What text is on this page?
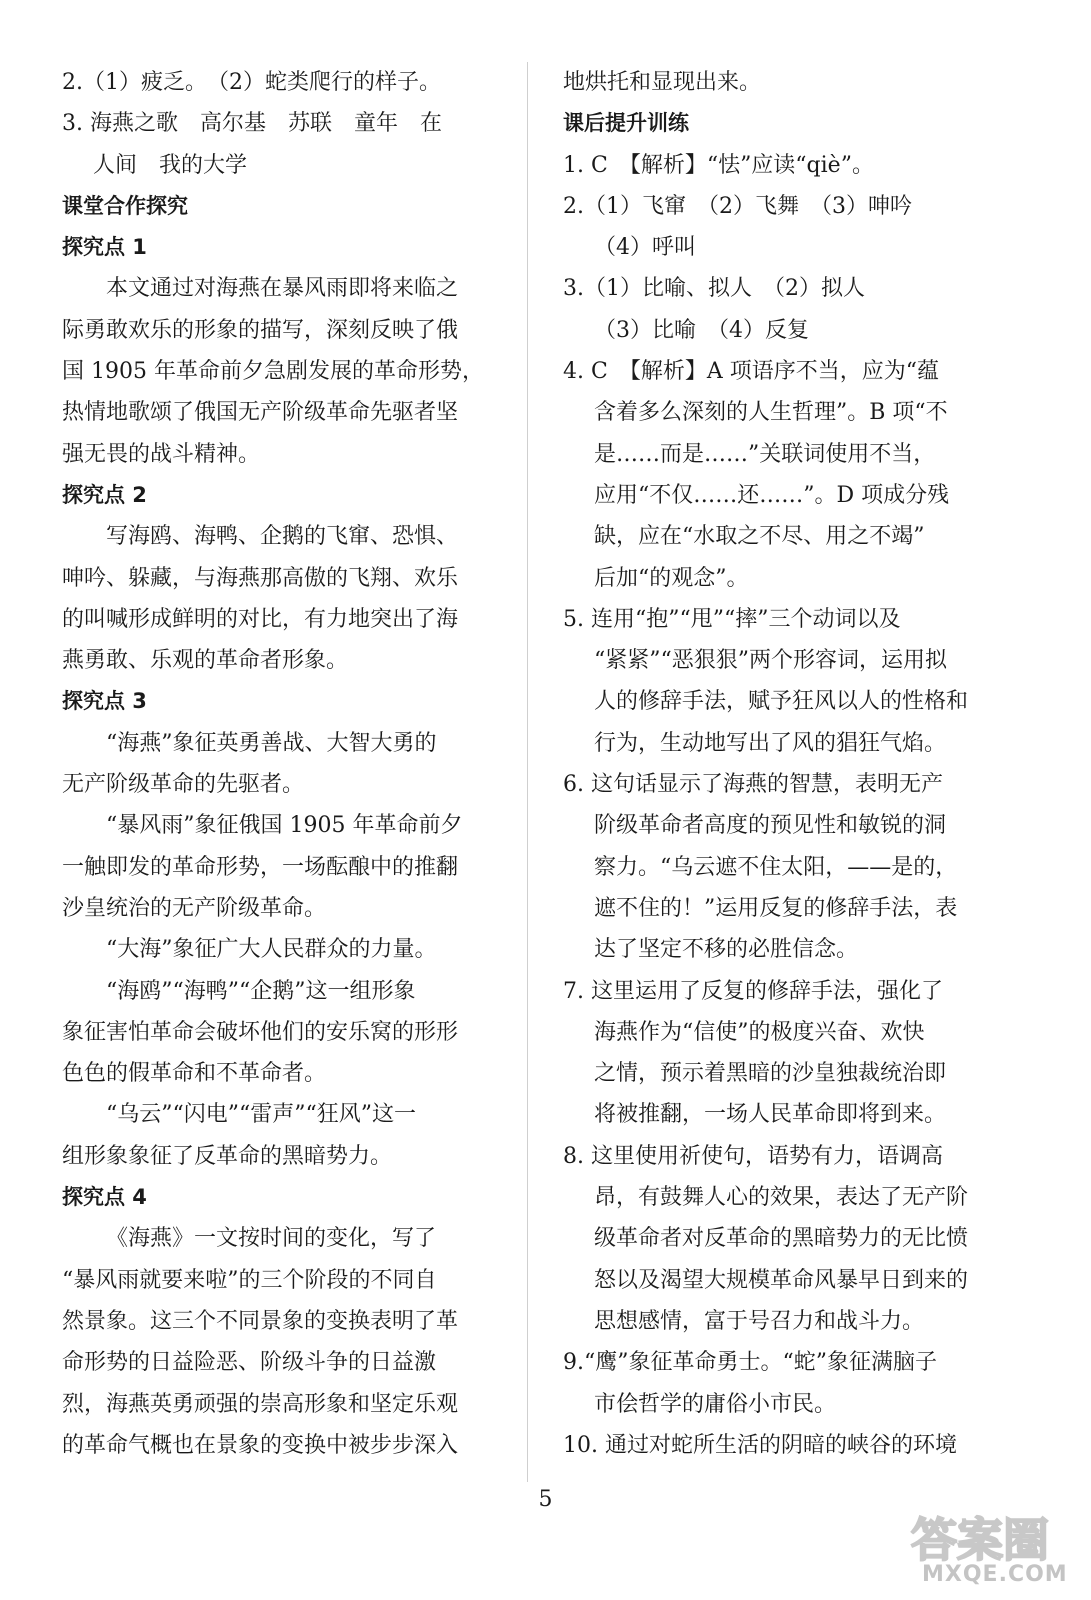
2.（1）疲乏。　（2）蛇类爬行的样子。
3. 海燕之歌　高尔基　苏联　童年　在
人间　我的大学
课堂合作探究
探究点 1
本文通过对海燕在暴风雨即将来临之
际勇敢欢乐的形象的描写，深刻反映了俄
国 1905 年革命前夕急剧发展的革命形势，
热情地歌颂了俄国无产阶级革命先驱者坚
强无畏的战斗精神。
探究点 2
写海鸥、海鸭、企鹅的飞窜、恐惧、
呻吟、躲藏，与海燕那高傲的飞翔、欢乐
的叫喊形成鲜明的对比，有力地突出了海
燕勇敢、乐观的革命者形象。
探究点 3
“海燕”象征英勇善战、大智大勇的
无产阶级革命的先驱者。
“暴风雨”象征俄国 1905 年革命前夕
一触即发的革命形势，一场酝酿中的推翻
沙皇统治的无产阶级革命。
“大海”象征广大人民群众的力量。
“海鸥”“海鸭”“企鹅”这一组形象
象征害怕革命会破坏他们的安乐窝的形形
色色的假革命和不革命者。
“乌云”“闪电”“雷声”“狂风”这一
组形象象征了反革命的黑暗势力。
探究点 4
《海燕》一文按时间的变化，写了
“暴风雨就要来啦”的三个阶段的不同自
然景象。这三个不同景象的变换表明了革
命形势的日益险恶、阶级斗争的日益激
烈，海燕英勇顽强的崇高形象和坚定乐观
的革命气概也在景象的变换中被步步深入
地烘托和显现出来。
课后提升训练
1. C　【解析】“怯”应读“qiè”。
2.（1）飞窜　（2）飞舞　（3）呻吟
（4）呼叫
3.（1）比喻、拟人　（2）拟人
（3）比喻　（4）反复
4. C　【解析】A 项语序不当，应为“蕴
含着多么深刻的人生哲理”。B 项“不
是……而是……”关联词使用不当，
应用“不仅……还……”。D 项成分残
缺，应在“水取之不尽、用之不竭”
后加“的观念”。
5. 连用“抱”“甩”“摔”三个动词以及
“紧紧”“恶狠狠”两个形容词，运用拟
人的修辞手法，赋予狂风以人的性格和
行为，生动地写出了风的猖狂气焰。
6. 这句话显示了海燕的智慧，表明无产
阶级革命者高度的预见性和敏锐的洞
察力。“乌云遮不住太阳，——是的，
遮不住的！”运用反复的修辞手法，表
达了坚定不移的必胜信念。
7. 这里运用了反复的修辞手法，强化了
海燕作为“信使”的极度兴奋、欢快
之情，预示着黑暗的沙皇独裁统治即
将被推翻，一场人民革命即将到来。
8. 这里使用祈使句，语势有力，语调高
昂，有鼓舞人心的效果，表达了无产阶
级革命者对反革命的黑暗势力的无比愤
怒以及渴望大规模革命风暴早日到来的
思想感情，富于号召力和战斗力。
9.“鹰”象征革命勇士。“蛇”象征满脑子
市侩哲学的庸俗小市民。
10. 通过对蛇所生活的阴暗的峡谷的环境
5
答案圈
MXQE.COM
